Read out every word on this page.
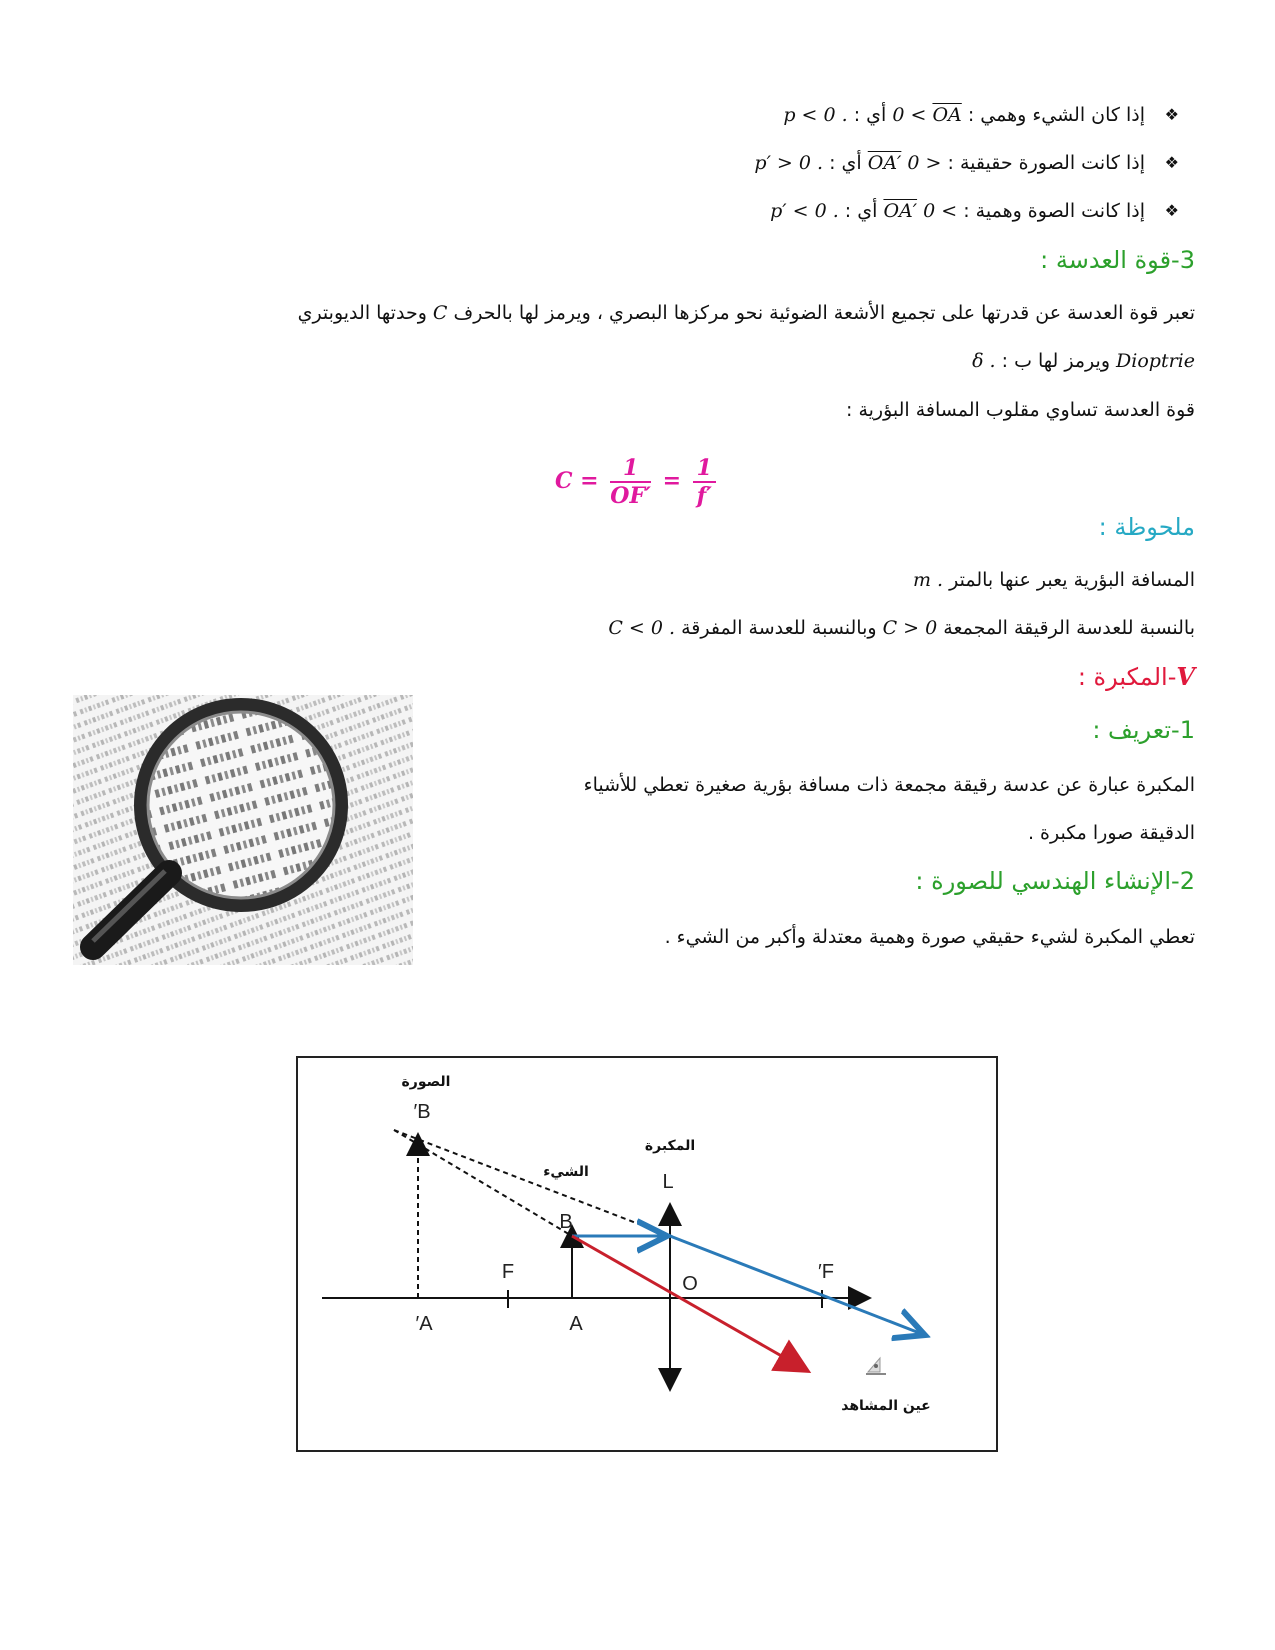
❖ إذا كان الشيء وهمي : $0 < \overline{OA}$ أي : p < 0 .
❖ إذا كانت الصورة حقيقية : OA′ 0 > أي : p′ > 0 .
❖ إذا كانت الصوة وهمية : OA′ 0 < أي : p′ < 0 .
3-قوة العدسة :
تعبر قوة العدسة عن قدرتها على تجميع الأشعة الضوئية نحو مركزها البصري ، ويرمز لها بالحرف C وحدتها الديوبتري
Dioptrie ويرمز لها ب : δ .
قوة العدسة تساوي مقلوب المسافة البؤرية :
$C = \frac{1}{OF'} = \frac{1}{f'}$
ملحوظة :
المسافة البؤرية يعبر عنها بالمتر m .
بالنسبة للعدسة الرقيقة المجمعة C > 0 وبالنسبة للعدسة المفرقة C < 0 .
V-المكبرة :
1-تعريف :
المكبرة عبارة عن عدسة رقيقة مجمعة ذات مسافة بؤرية صغيرة تعطي للأشياء
الدقيقة صورا مكبرة .
2-الإنشاء الهندسي للصورة :
تعطي المكبرة لشيء حقيقي صورة وهمية معتدلة وأكبر من الشيء .
الصورة
الشيء
المكبرة
عين المشاهد
B′
L
B
F
O
F′
A′	A
